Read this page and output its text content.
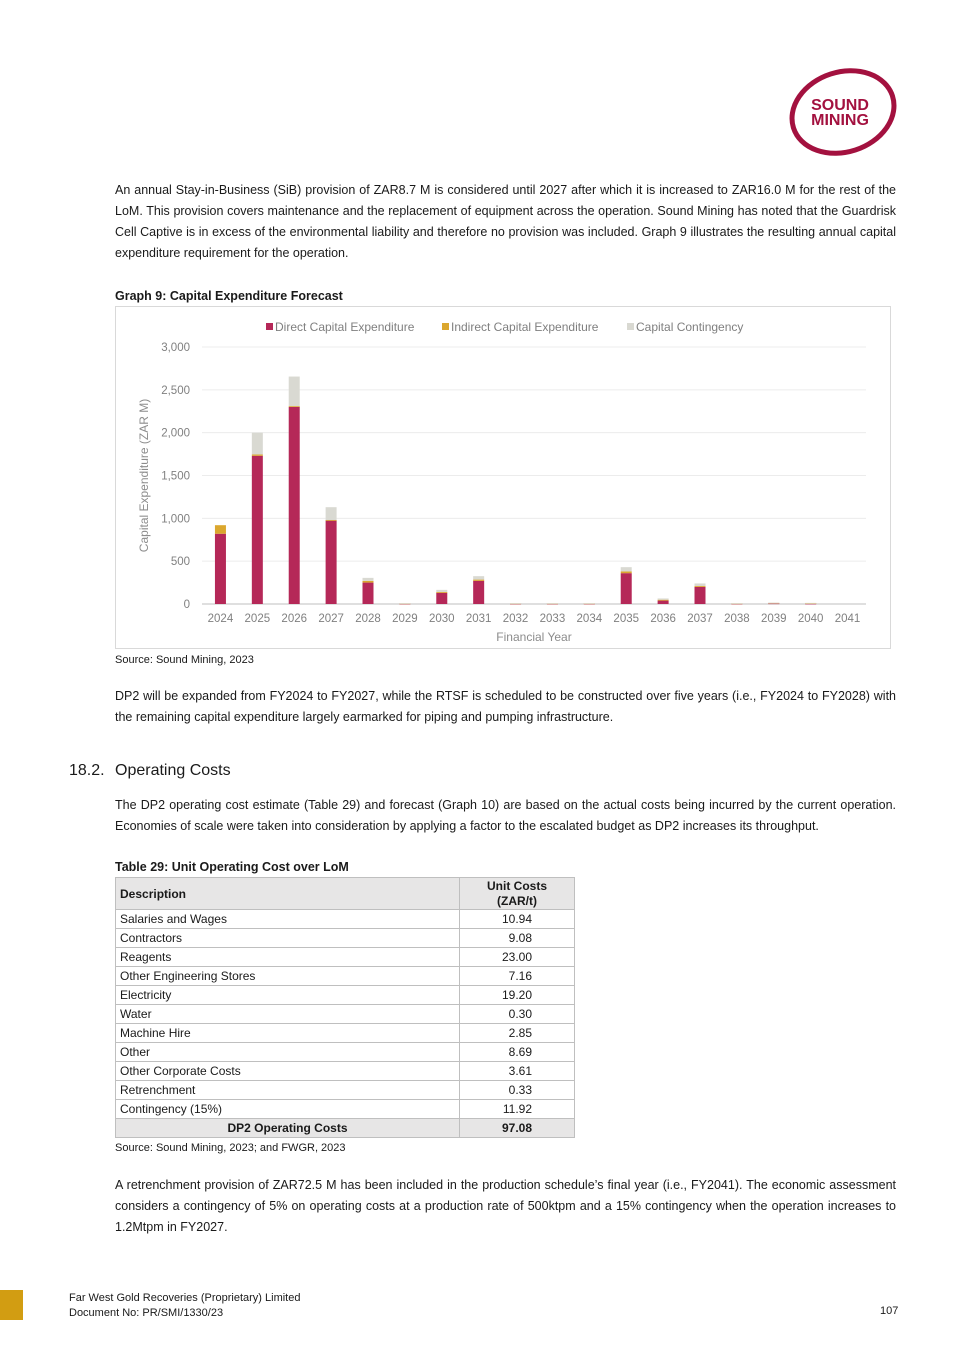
SOUND
MINING

An annual Stay-in-Business (SiB) provision of ZAR8.7 M is considered until 2027 after which it is increased to ZAR16.0 M for the rest of the LoM. This provision covers maintenance and the replacement of equipment across the operation. Sound Mining has noted that the Guardrisk Cell Captive is in excess of the environmental liability and therefore no provision was included. Graph 9 illustrates the resulting annual capital expenditure requirement for the operation.

Graph 9: Capital Expenditure Forecast
0
500
1,000
1,500
2,000
2,500
3,000
2024 2025 2026 2027 2028 2029 2030 2031 2032 2033 2034 2035 2036 2037 2038 2039 2040 2041
Financial Year
Capital Expenditure (ZAR M)
Direct Capital Expenditure	Indirect Capital Expenditure	Capital Contingency
Source: Sound Mining, 2023

DP2 will be expanded from FY2024 to FY2027, while the RTSF is scheduled to be constructed over five years (i.e., FY2024 to FY2028) with the remaining capital expenditure largely earmarked for piping and pumping infrastructure.

18.2. Operating Costs

The DP2 operating cost estimate (Table 29) and forecast (Graph 10) are based on the actual costs being incurred by the current operation. Economies of scale were taken into consideration by applying a factor to the escalated budget as DP2 increases its throughput.

Table 29: Unit Operating Cost over LoM
Description	Unit Costs
(ZAR/t)
Salaries and Wages	10.94
Contractors	9.08
Reagents	23.00
Other Engineering Stores	7.16
Electricity	19.20
Water	0.30
Machine Hire	2.85
Other	8.69
Other Corporate Costs	3.61
Retrenchment	0.33
Contingency (15%)	11.92
DP2 Operating Costs	97.08
Source: Sound Mining, 2023; and FWGR, 2023

A retrenchment provision of ZAR72.5 M has been included in the production schedule’s final year (i.e., FY2041). The economic assessment considers a contingency of 5% on operating costs at a production rate of 500ktpm and a 15% contingency when the operation increases to 1.2Mtpm in FY2027.

Far West Gold Recoveries (Proprietary) Limited
Document No: PR/SMI/1330/23	107
